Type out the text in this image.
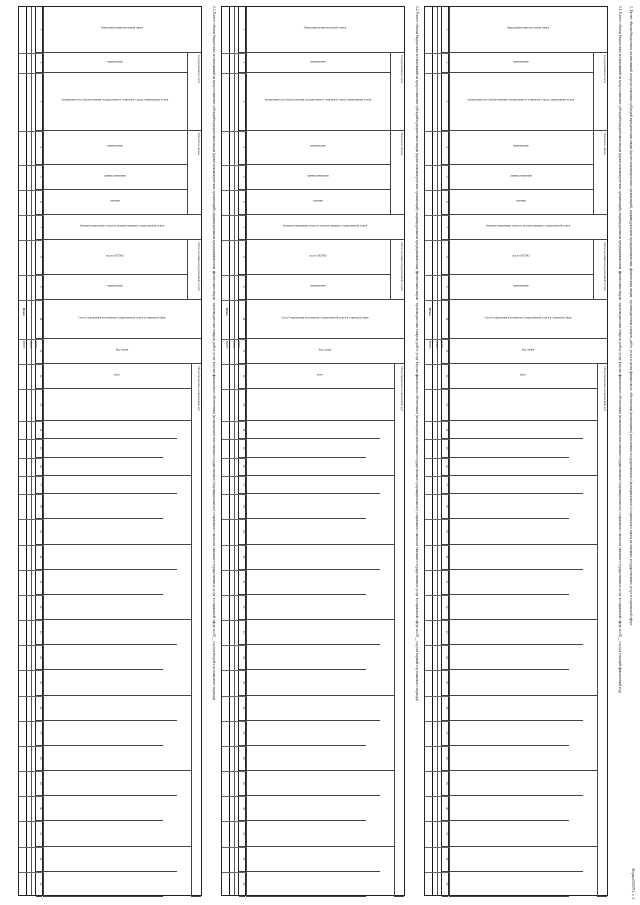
Форма 0505791, с. 2
2. Расчет объема бюджетных ассигнований на предоставление субсидий юридическим лицам (кроме некоммерческих организаций), индивидуальным предпринимателям, физическим лицам - производителям товаров, работ, услуг в целях финансового обеспечения (возмещения) исполнения государственного (муниципального) социального заказа на оказание государственных услуг в социальной сфере
2.1. Расчет объема бюджетных ассигнований на предоставление субсидий юридическим лицам (кроме некоммерческих организаций), индивидуальным предпринимателям, физическим лицам - производителям товаров, работ, услуг в целях финансового обеспечения (возмещения) исполнения государственного (муниципального) социального заказа на оказание государственных услуг в социальной сфере на 20__ год (на текущий финансовый год)
Уникальный номер реестровой записи
Государственная услуга
Показатель объема
Значение нормативных затрат на оказание единицы государственной услуги
Место оказания государственной услуги
Способ определения исполнителя государственной услуги в социальной сфере
Код строки
Объем бюджетных ассигнований, руб
наименование
направления (способы) исполнения государственного социального заказа, наименование услуги
наименование
единица измерения
значение
код по ОКТМО
наименование
всего
1
2
3
4
5
6
7
8
9
10
11
12
13
14
15
16
17
18
19
20
21
22
23
24
25
26
27
28
29
30
31
32
33
000001
000002
Итого
900000
2.2. Расчет объема бюджетных ассигнований на предоставление субсидий юридическим лицам (кроме некоммерческих организаций), индивидуальным предпринимателям, физическим лицам - производителям товаров, работ, услуг в целях финансового обеспечения (возмещения) исполнения государственного (муниципального) социального заказа на оказание государственных услуг в социальной сфере на 20__ год (на первый год планового периода)
Уникальный номер реестровой записи
Государственная услуга
Показатель объема
Значение нормативных затрат на оказание единицы государственной услуги
Место оказания государственной услуги
Способ определения исполнителя государственной услуги в социальной сфере
Код строки
Объем бюджетных ассигнований, руб
наименование
направления (способы) исполнения государственного социального заказа, наименование услуги
наименование
единица измерения
значение
код по ОКТМО
наименование
всего
1
2
3
4
5
6
7
8
9
10
11
12
13
14
15
16
17
18
19
20
21
22
23
24
25
26
27
28
29
30
31
32
33
000001
000002
Итого
900000
2.3. Расчет объема бюджетных ассигнований на предоставление субсидий юридическим лицам (кроме некоммерческих организаций), индивидуальным предпринимателям, физическим лицам - производителям товаров, работ, услуг в целях финансового обеспечения (возмещения) исполнения государственного (муниципального) социального заказа на оказание государственных услуг в социальной сфере на 20__ год (на второй год планового периода)
Уникальный номер реестровой записи
Государственная услуга
Показатель объема
Значение нормативных затрат на оказание единицы государственной услуги
Место оказания государственной услуги
Способ определения исполнителя государственной услуги в социальной сфере
Код строки
Объем бюджетных ассигнований, руб
наименование
направления (способы) исполнения государственного социального заказа, наименование услуги
наименование
единица измерения
значение
код по ОКТМО
наименование
всего
1
2
3
4
5
6
7
8
9
10
11
12
13
14
15
16
17
18
19
20
21
22
23
24
25
26
27
28
29
30
31
32
33
000001
000002
Итого
900000
